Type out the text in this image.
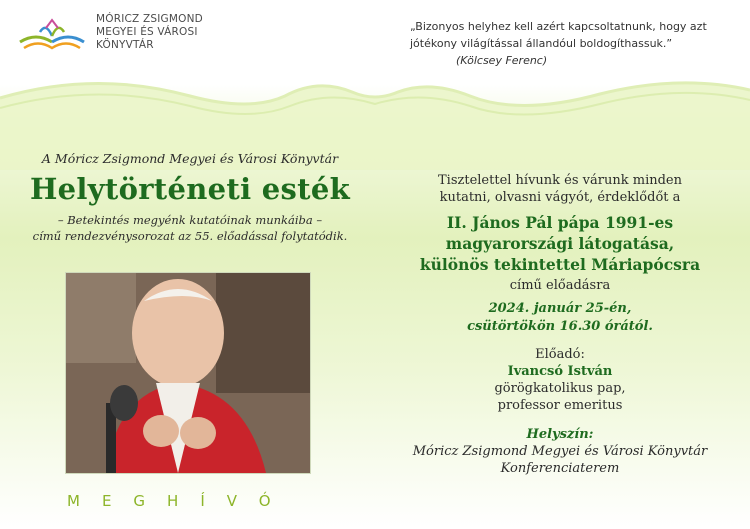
MÓRICZ ZSIGMOND
MEGYEI ÉS VÁROSI
KÖNYVTÁR
„Bizonyos helyhez kell azért kapcsoltatnunk, hogy azt jótékony világítással állandóul boldogíthassuk.”
(Kölcsey Ferenc)
A Móricz Zsigmond Megyei és Városi Könyvtár
Helytörténeti esték
– Betekintés megyénk kutatóinak munkáiba –
című rendezvénysorozat az 55. előadással folytatódik.
MEGHÍVÓ
Tisztelettel hívunk és várunk minden
kutatni, olvasni vágyót, érdeklődőt a
II. János Pál pápa 1991-es
magyarországi látogatása,
különös tekintettel Máriapócsra
című előadásra
2024. január 25-én,
csütörtökön 16.30 órától.
Előadó:
Ivancsó István
görögkatolikus pap,
professor emeritus
Helyszín:
Móricz Zsigmond Megyei és Városi Könyvtár
Konferenciaterem
